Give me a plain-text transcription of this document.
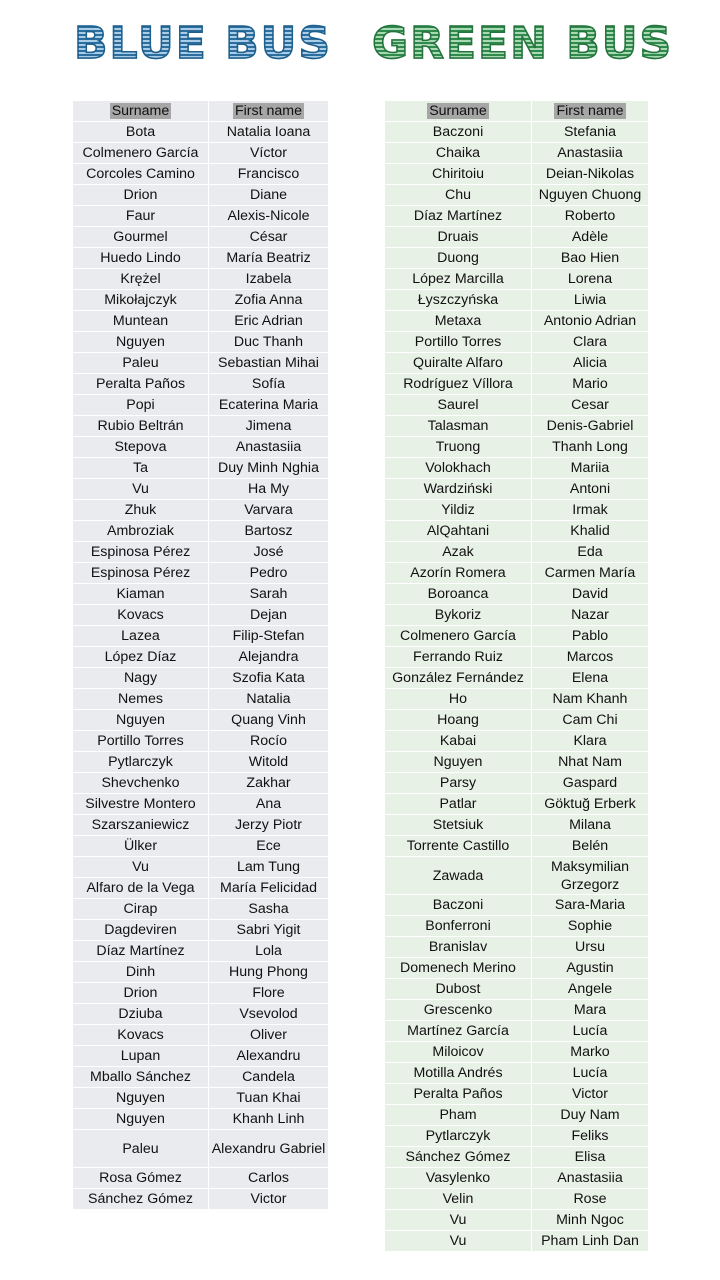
BLUE BUS GREEN BUS
Surname	First name
Bota	Natalia Ioana
Colmenero García	Víctor
Corcoles Camino	Francisco
Drion	Diane
Faur	Alexis-Nicole
Gourmel	César
Huedo Lindo	María Beatriz
Krężel	Izabela
Mikołajczyk	Zofia Anna
Muntean	Eric Adrian
Nguyen	Duc Thanh
Paleu	Sebastian Mihai
Peralta Paños	Sofía
Popi	Ecaterina Maria
Rubio Beltrán	Jimena
Stepova	Anastasiia
Ta	Duy Minh Nghia
Vu	Ha My
Zhuk	Varvara
Ambroziak	Bartosz
Espinosa Pérez	José
Espinosa Pérez	Pedro
Kiaman	Sarah
Kovacs	Dejan
Lazea	Filip-Stefan
López Díaz	Alejandra
Nagy	Szofia Kata
Nemes	Natalia
Nguyen	Quang Vinh
Portillo Torres	Rocío
Pytlarczyk	Witold
Shevchenko	Zakhar
Silvestre Montero	Ana
Szarszaniewicz	Jerzy Piotr
Ülker	Ece
Vu	Lam Tung
Alfaro de la Vega	María Felicidad
Cirap	Sasha
Dagdeviren	Sabri Yigit
Díaz Martínez	Lola
Dinh	Hung Phong
Drion	Flore
Dziuba	Vsevolod
Kovacs	Oliver
Lupan	Alexandru
Mballo Sánchez	Candela
Nguyen	Tuan Khai
Nguyen	Khanh Linh
Paleu	Alexandru Gabriel
Rosa Gómez	Carlos
Sánchez Gómez	Victor
Surname	First name
Baczoni	Stefania
Chaika	Anastasiia
Chiritoiu	Deian-Nikolas
Chu	Nguyen Chuong
Díaz Martínez	Roberto
Druais	Adèle
Duong	Bao Hien
López Marcilla	Lorena
Łyszczyńska	Liwia
Metaxa	Antonio Adrian
Portillo Torres	Clara
Quiralte Alfaro	Alicia
Rodríguez Víllora	Mario
Saurel	Cesar
Talasman	Denis-Gabriel
Truong	Thanh Long
Volokhach	Mariia
Wardziński	Antoni
Yildiz	Irmak
AlQahtani	Khalid
Azak	Eda
Azorín Romera	Carmen María
Boroanca	David
Bykoriz	Nazar
Colmenero García	Pablo
Ferrando Ruiz	Marcos
González Fernández	Elena
Ho	Nam Khanh
Hoang	Cam Chi
Kabai	Klara
Nguyen	Nhat Nam
Parsy	Gaspard
Patlar	Göktuğ Erberk
Stetsiuk	Milana
Torrente Castillo	Belén
Zawada	Maksymilian Grzegorz
Baczoni	Sara-Maria
Bonferroni	Sophie
Branislav	Ursu
Domenech Merino	Agustin
Dubost	Angele
Grescenko	Mara
Martínez García	Lucía
Miloicov	Marko
Motilla Andrés	Lucía
Peralta Paños	Victor
Pham	Duy Nam
Pytlarczyk	Feliks
Sánchez Gómez	Elisa
Vasylenko	Anastasiia
Velin	Rose
Vu	Minh Ngoc
Vu	Pham Linh Dan
